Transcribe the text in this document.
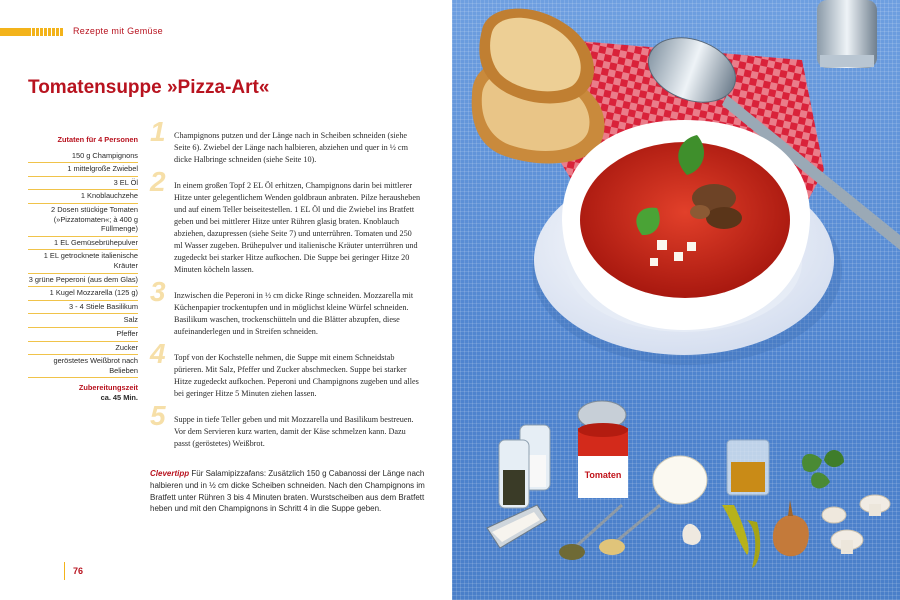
Rezepte mit Gemüse
Tomatensuppe »Pizza-Art«
Zutaten für 4 Personen
150 g Champignons
1 mittelgroße Zwiebel
3 EL Öl
1 Knoblauchzehe
2 Dosen stückige Tomaten (»Pizzatomaten«; à 400 g Füllmenge)
1 EL Gemüsebrühepulver
1 EL getrocknete italienische Kräuter
3 grüne Peperoni (aus dem Glas)
1 Kugel Mozzarella (125 g)
3 - 4 Stiele Basilikum
Salz
Pfeffer
Zucker
geröstetes Weißbrot nach Belieben
Zubereitungszeit
ca. 45 Min.
1 Champignons putzen und der Länge nach in Scheiben schneiden (siehe Seite 6). Zwiebel der Länge nach halbieren, abziehen und quer in ½ cm dicke Halbringe schneiden (siehe Seite 10).
2 In einem großen Topf 2 EL Öl erhitzen, Champignons darin bei mittlerer Hitze unter gelegentlichem Wenden goldbraun anbraten. Pilze herausheben und auf einem Teller beiseitestellen. 1 EL Öl und die Zwiebel ins Bratfett geben und bei mittlerer Hitze unter Rühren glasig braten. Knoblauch abziehen, dazupressen (siehe Seite 7) und unterrühren. Tomaten und 250 ml Wasser zugeben. Brühepulver und italienische Kräuter unterrühren und zugedeckt bei starker Hitze aufkochen. Die Suppe bei geringer Hitze 20 Minuten köcheln lassen.
3 Inzwischen die Peperoni in ½ cm dicke Ringe schneiden. Mozzarella mit Küchenpapier trockentupfen und in möglichst kleine Würfel schneiden. Basilikum waschen, trockenschütteln und die Blätter abzupfen, diese aufeinanderlegen und in Streifen schneiden.
4 Topf von der Kochstelle nehmen, die Suppe mit einem Schneidstab pürieren. Mit Salz, Pfeffer und Zucker abschmecken. Suppe bei starker Hitze zugedeckt aufkochen. Peperoni und Champignons zugeben und alles bei geringer Hitze 5 Minuten ziehen lassen.
5 Suppe in tiefe Teller geben und mit Mozzarella und Basilikum bestreuen. Vor dem Servieren kurz warten, damit der Käse schmelzen kann. Dazu passt (geröstetes) Weißbrot.
Clevertipp Für Salamipizzafans: Zusätzlich 150 g Cabanossi der Länge nach halbieren und in ½ cm dicke Scheiben schneiden. Nach den Champignons im Bratfett unter Rühren 3 bis 4 Minuten braten. Wurstscheiben aus dem Bratfett heben und mit den Champignons in Schritt 4 in die Suppe geben.
76
Tomaten
